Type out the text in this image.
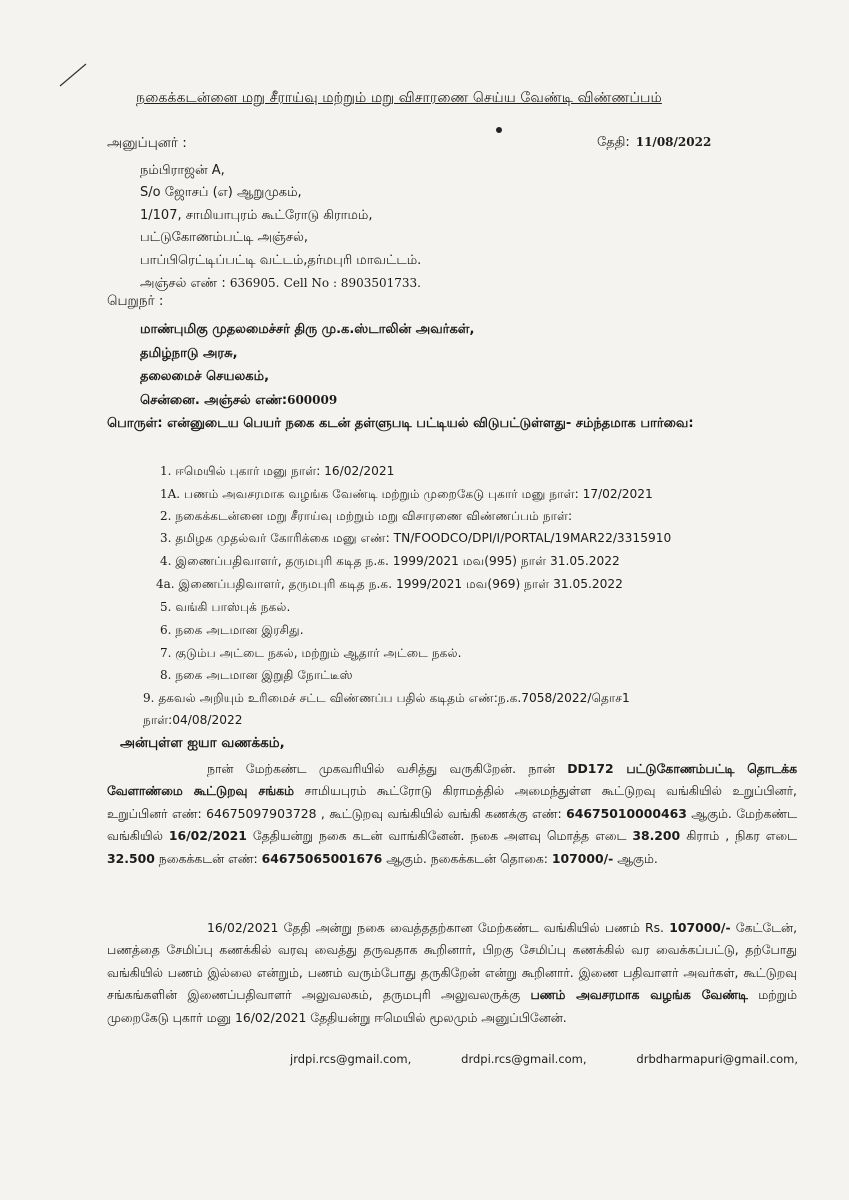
நகைக்கடன்னை மறு சீராய்வு மற்றும் மறு விசாரணை செய்ய வேண்டி விண்ணப்பம்
தேதி: 11/08/2022
அனுப்புனர் :
நம்பிராஜன் A,
S/o ஜோசப் (எ) ஆறுமுகம்,
1/107, சாமியாபுரம் கூட்ரோடு கிராமம்,
பட்டுகோணம்பட்டி அஞ்சல்,
பாப்பிரெட்டிப்பட்டி வட்டம்,தர்மபுரி மாவட்டம்.
அஞ்சல் எண் : 636905. Cell No : 8903501733.
பெறுநர் :
மாண்புமிகு முதலமைச்சர் திரு மு.க.ஸ்டாலின் அவர்கள்,
தமிழ்நாடு அரசு,
தலைமைச் செயலகம்,
சென்னை. அஞ்சல் எண்:600009
பொருள்: என்னுடைய பெயர் நகை கடன் தள்ளுபடி பட்டியல் விடுபட்டுள்ளது- சம்ந்தமாக பார்வை:
1. ஈமெயில் புகார் மனு நாள்: 16/02/2021
1A. பணம் அவசரமாக வழங்க வேண்டி மற்றும் முறைகேடு புகார் மனு நாள்: 17/02/2021
2. நகைக்கடன்னை மறு சீராய்வு மற்றும் மறு விசாரணை விண்ணப்பம் நாள்:
3. தமிழக முதல்வர் கோரிக்கை மனு எண்: TN/FOODCO/DPI/I/PORTAL/19MAR22/3315910
4. இணைப்பதிவாளர், தருமபுரி கடித ந.க. 1999/2021 மவ(995) நாள் 31.05.2022
4a. இணைப்பதிவாளர், தருமபுரி கடித ந.க. 1999/2021 மவ(969) நாள் 31.05.2022
5. வங்கி பாஸ்புக் நகல்.
6. நகை அடமான இரசிது.
7. குடும்ப அட்டை நகல், மற்றும் ஆதார் அட்டை நகல்.
8. நகை அடமான இறுதி நோட்டீஸ்
9. தகவல் அறியும் உரிமைச் சட்ட விண்ணப்ப பதில் கடிதம் எண்:ந.க.7058/2022/தொச1
நாள்:04/08/2022
அன்புள்ள ஐயா வணக்கம்,
நான் மேற்கண்ட முகவரியில் வசித்து வருகிறேன். நான் DD172 பட்டுகோணம்பட்டி தொடக்க வேளாண்மை கூட்டுறவு சங்கம் சாமியபுரம் கூட்ரோடு கிராமத்தில் அமைந்துள்ள கூட்டுறவு வங்கியில் உறுப்பினர், உறுப்பினர் எண்: 64675097903728 , கூட்டுறவு வங்கியில் வங்கி கணக்கு எண்: 64675010000463 ஆகும். மேற்கண்ட வங்கியில் 16/02/2021 தேதியன்று நகை கடன் வாங்கினேன். நகை அளவு மொத்த எடை 38.200 கிராம் , நிகர எடை 32.500 நகைக்கடன் எண்: 64675065001676 ஆகும். நகைக்கடன் தொகை: 107000/- ஆகும்.
16/02/2021 தேதி அன்று நகை வைத்ததற்கான மேற்கண்ட வங்கியில் பணம் Rs. 107000/- கேட்டேன், பணத்தை சேமிப்பு கணக்கில் வரவு வைத்து தருவதாக கூறினார், பிறகு சேமிப்பு கணக்கில் வர வைக்கப்பட்டு, தற்போது வங்கியில் பணம் இல்லை என்றும், பணம் வரும்போது தருகிறேன் என்று கூறினார். இணை பதிவாளர் அவர்கள், கூட்டுறவு சங்கங்களின் இணைப்பதிவாளர் அலுவலகம், தருமபுரி அலுவலருக்கு பணம் அவசரமாக வழங்க வேண்டி மற்றும் முறைகேடு புகார் மனு 16/02/2021 தேதியன்று ஈமெயில் மூலமும் அனுப்பினேன்.
jrdpi.rcs@gmail.com,	drdpi.rcs@gmail.com,	drbdharmapuri@gmail.com,
